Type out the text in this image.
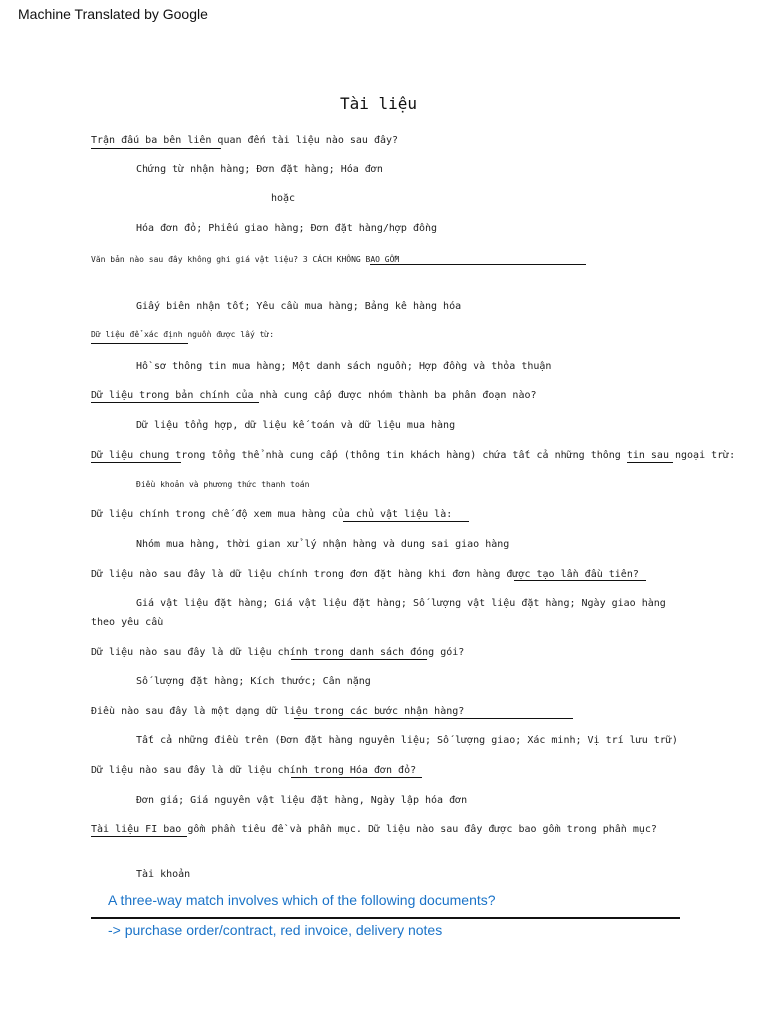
Machine Translated by Google
Tài liệu
Trận đấu ba bên liên quan đến tài liệu nào sau đây?
Chứng từ nhận hàng; Đơn đặt hàng; Hóa đơn
hoặc
Hóa đơn đỏ; Phiếu giao hàng; Đơn đặt hàng/hợp đồng
Văn bản nào sau đây không ghi giá vật liệu? 3 CÁCH KHÔNG BAO GỒM
Giấy biên nhận tốt; Yêu cầu mua hàng; Bảng kê hàng hóa
Dữ liệu để xác định nguồn được lấy từ:
Hồ sơ thông tin mua hàng; Một danh sách nguồn; Hợp đồng và thỏa thuận
Dữ liệu trong bản chính của nhà cung cấp được nhóm thành ba phân đoạn nào?
Dữ liệu tổng hợp, dữ liệu kế toán và dữ liệu mua hàng
Dữ liệu chung trong tổng thể nhà cung cấp (thông tin khách hàng) chứa tất cả những thông tin sau ngoại trừ:
Điều khoản và phương thức thanh toán
Dữ liệu chính trong chế độ xem mua hàng của chủ vật liệu là:
Nhóm mua hàng, thời gian xử lý nhận hàng và dung sai giao hàng
Dữ liệu nào sau đây là dữ liệu chính trong đơn đặt hàng khi đơn hàng được tạo lần đầu tiên?
Giá vật liệu đặt hàng; Giá vật liệu đặt hàng; Số lượng vật liệu đặt hàng; Ngày giao hàng
theo yêu cầu
Dữ liệu nào sau đây là dữ liệu chính trong danh sách đóng gói?
Số lượng đặt hàng; Kích thước; Cân nặng
Điều nào sau đây là một dạng dữ liệu trong các bước nhận hàng?
Tất cả những điều trên (Đơn đặt hàng nguyên liệu; Số lượng giao; Xác minh; Vị trí lưu trữ)
Dữ liệu nào sau đây là dữ liệu chính trong Hóa đơn đỏ?
Đơn giá; Giá nguyên vật liệu đặt hàng, Ngày lập hóa đơn
Tài liệu FI bao gồm phần tiêu đề và phần mục. Dữ liệu nào sau đây được bao gồm trong phần mục?
Tài khoản
A three-way match involves which of the following documents?
-> purchase order/contract, red invoice, delivery notes
